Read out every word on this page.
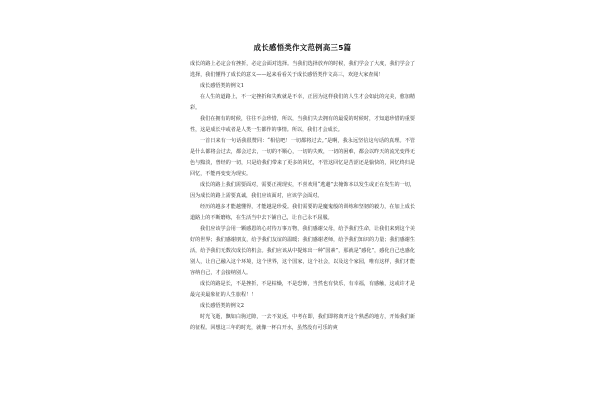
成长感悟类作文范例高三5篇

成长的路上必定会有挫折，必定会面对选择。当我们选择放弃的时候，我们学会了大度，我们学会了选择，我们懂得了成长的意义——起来看看关于成长感悟类作文高三，欢迎大家查阅！

成长感悟类的例文1

在人生的道路上，不一定挫折和失败就是不幸，正因为这样我们的人生才会如此的完美，愈加精彩。

我们在拥有的时候，往往不会珍惜，所以，当我们失去拥有的最爱的时候时，才知道珍惜的重要性，这是成长中或者是人类一生都作的事情。所以，我们才会成长。

一首日来有一句话我很赞同：“相信吧！一切都将过去。”是啊，我永远坚信这句话的真理。不管是什么都将会过去，都会过去，一切的不顺心，一切的失败，一切的困难，都会以昨天的流光变得无色与黯淡，曾经的一切，只是给我们带来了更多的回忆，不管这回忆是苦涩还是愉快的，回忆终归是回忆，不能再变变为现实。

成长的路上我们需要面对，需要正视现实，不喜欢用“逃避”去掩饰本以发生或正在发生的一切，因为成长的路上需要真诚，我们应该面对，应该学会面对。

经历的越多才能越懂得，才能越是珍爱。我们需要的是魔鬼般的训练和坚韧的毅力，在加上成长道路上的不断磨练，在生活当中去下铺自己，让自己永不屈服。

我们应该学会用一颗感恩的心对待万事万物，我们感谢父母，给予我们生命，让我们来到这个美好的世界；我们感谢朋友，给予我们友谊的温暖；我们感谢老师，给予我们知识的力量；我们感谢生活，给予我们无数次成长的机会。我们应该从中提炼出一种“国素”，那就是“感化”，感化自己也感化别人，让自己融入这个环境，这个世界，这个国家，这个社会，以及这个家园，唯有这样，我们才能容纳自己，才会接纳别人。

成长的路是长，不是挫折，不是枯燥，不是恐怖，当然也有快乐，有幸福，有感触，这或许才是最完美最象征的人生旅程！！

成长感悟类的例文2

时光飞逝，飘如白驹过隙，一去不复返，中考在即，我们即将离开这个熟悉的地方，开始我们新的征程。回想这三年的时光，就像一杯白开水，虽然没有可乐的爽
